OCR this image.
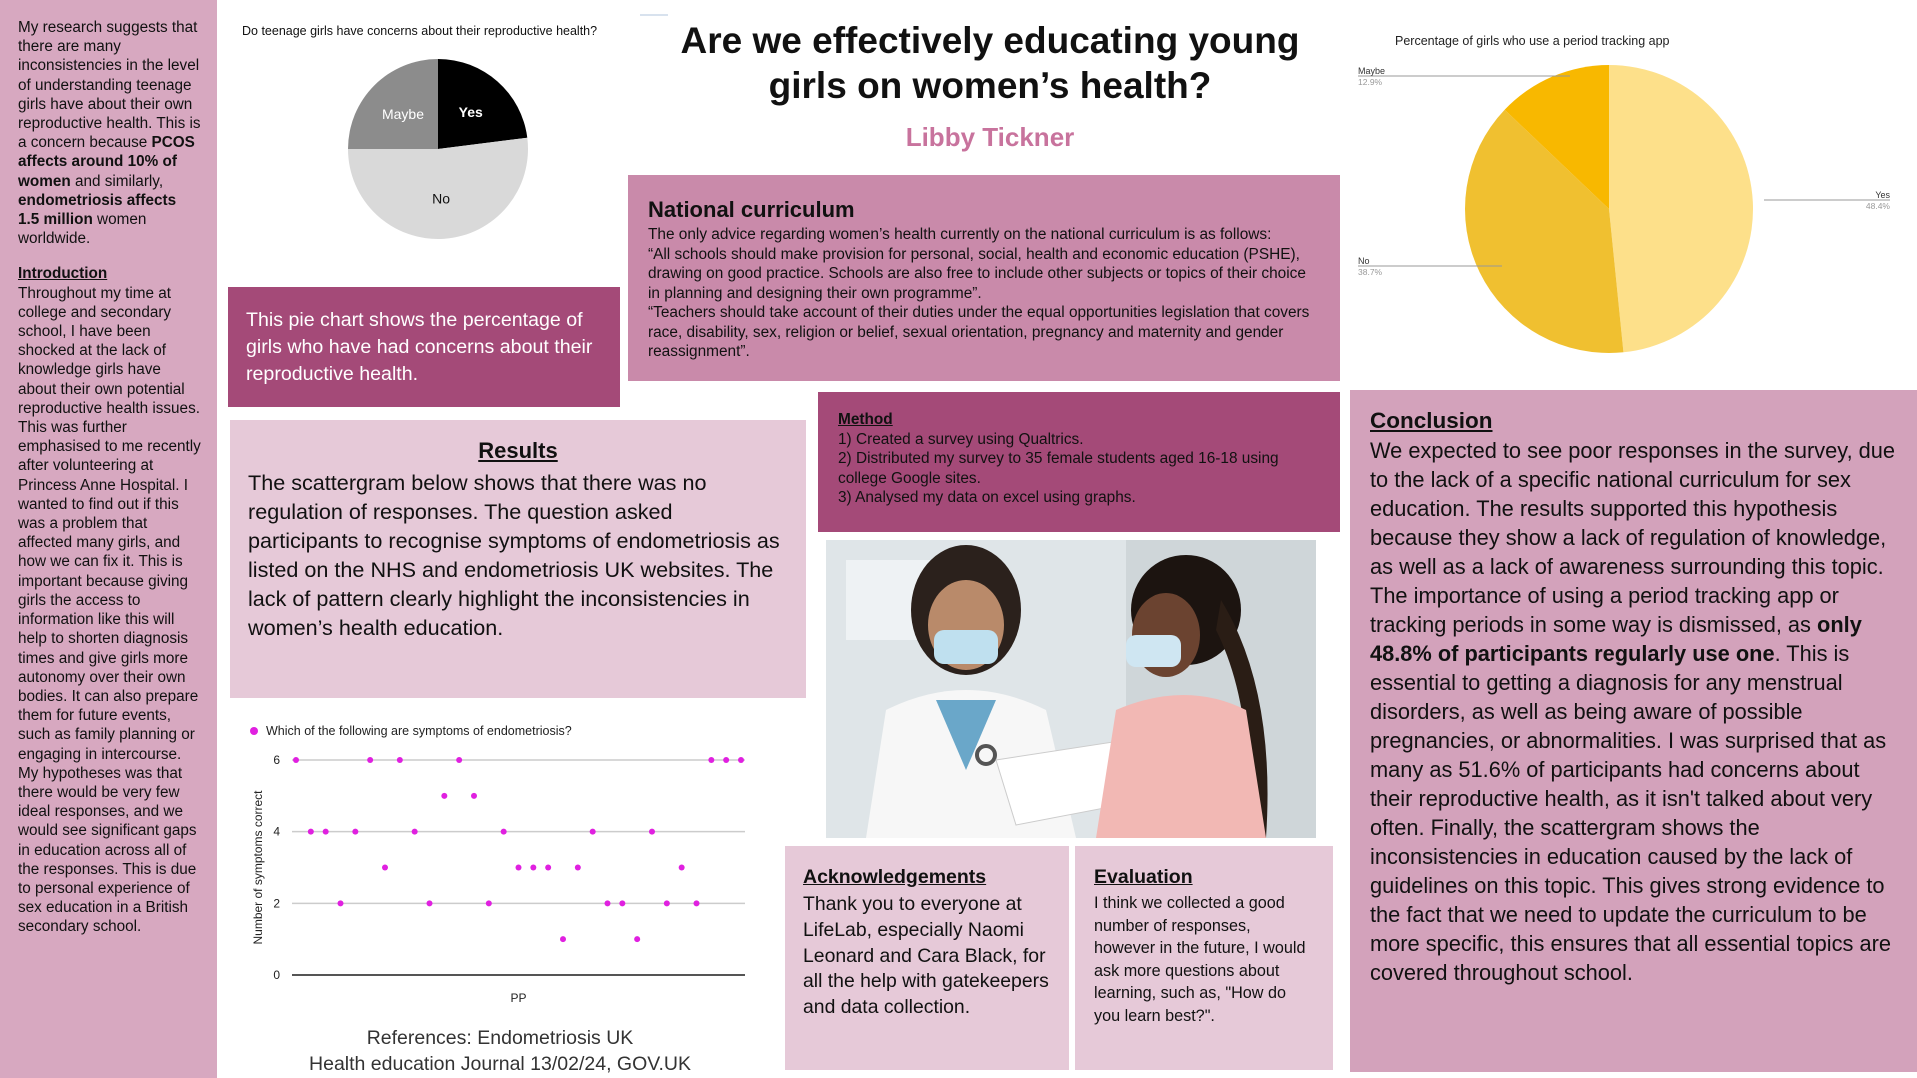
My research suggests that there are many inconsistencies in the level of understanding teenage girls have about their own reproductive health. This is a concern because PCOS affects around 10% of women and similarly, endometriosis affects 1.5 million women worldwide.

Introduction

Throughout my time at college and secondary school, I have been shocked at the lack of knowledge girls have about their own potential reproductive health issues. This was further emphasised to me recently after volunteering at Princess Anne Hospital. I wanted to find out if this was a problem that affected many girls, and how we can fix it. This is important because giving girls the access to information like this will help to shorten diagnosis times and give girls more autonomy over their own bodies. It can also prepare them for future events, such as family planning or engaging in intercourse. My hypotheses was that there would be very few ideal responses, and we would see significant gaps in education across all of the responses. This is due to personal experience of sex education in a British secondary school.

Are we effectively educating young girls on women’s health?
Libby Tickner
Do teenage girls have concerns about their reproductive health?
Yes
No
Maybe
This pie chart shows the percentage of girls who have had concerns about their reproductive health.
National curriculum
The only advice regarding women’s health currently on the national curriculum is as follows:
“All schools should make provision for personal, social, health and economic education (PSHE), drawing on good practice. Schools are also free to include other subjects or topics of their choice in planning and designing their own programme”.
“Teachers should take account of their duties under the equal opportunities legislation that covers race, disability, sex, religion or belief, sexual orientation, pregnancy and maternity and gender reassignment”.
Percentage of girls who use a period tracking app
Yes
48.4%
No
38.7%
Maybe
12.9%
Results
The scattergram below shows that there was no regulation of responses. The question asked participants to recognise symptoms of endometriosis as listed on the NHS and endometriosis UK websites. The lack of pattern clearly highlight the inconsistencies in women’s health education.
Which of the following are symptoms of endometriosis?
0
2
4
6
Number of symptoms correct
PP
References: Endometriosis UK
Health education Journal 13/02/24, GOV.UK
Method
1) Created a survey using Qualtrics.
2) Distributed my survey to 35 female students aged 16-18 using college Google sites.
3) Analysed my data on excel using graphs.
Acknowledgements
Thank you to everyone at LifeLab, especially Naomi Leonard and Cara Black, for all the help with gatekeepers and data collection.
Evaluation
I think we collected a good number of responses, however in the future, I would ask more questions about learning, such as, "How do you learn best?".
Conclusion
We expected to see poor responses in the survey, due to the lack of a specific national curriculum for sex education. The results supported this hypothesis because they show a lack of regulation of knowledge, as well as a lack of awareness surrounding this topic. The importance of using a period tracking app or tracking periods in some way is dismissed, as only 48.8% of participants regularly use one. This is essential to getting a diagnosis for any menstrual disorders, as well as being aware of possible pregnancies, or abnormalities. I was surprised that as many as 51.6% of participants had concerns about their reproductive health, as it isn't talked about very often. Finally, the scattergram shows the inconsistencies in education caused by the lack of guidelines on this topic. This gives strong evidence to the fact that we need to update the curriculum to be more specific, this ensures that all essential topics are covered throughout school.
